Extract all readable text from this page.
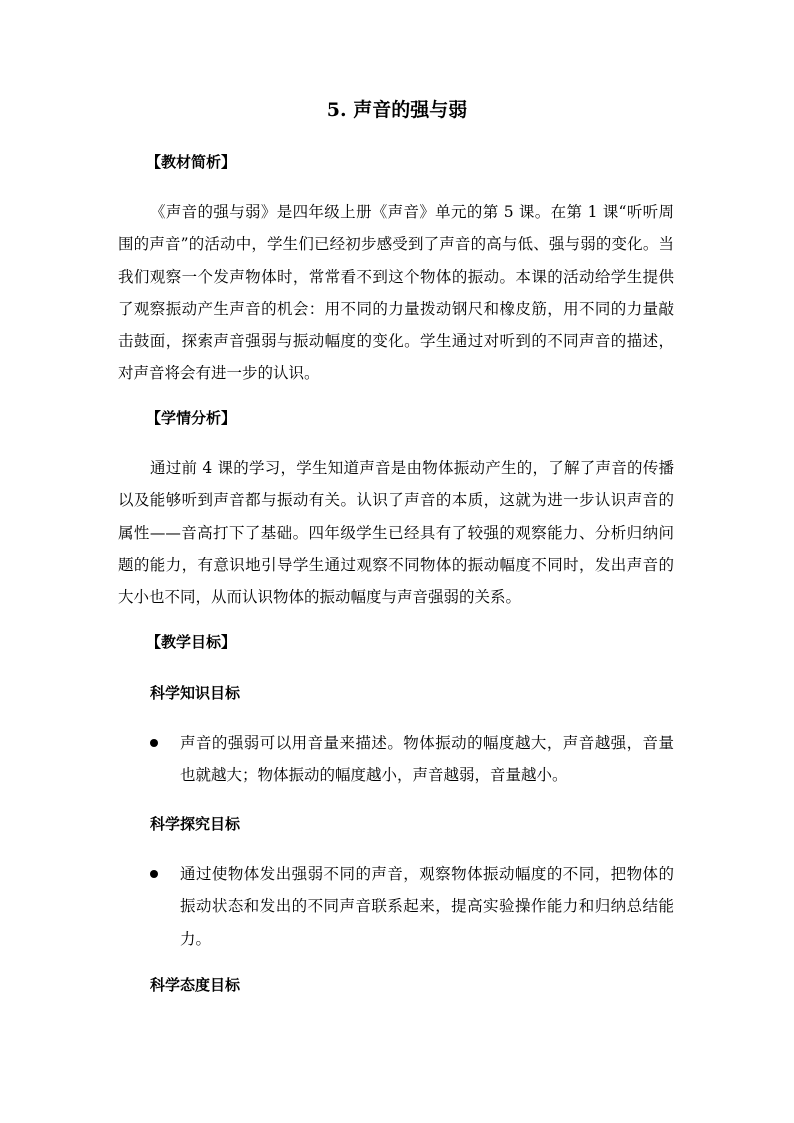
5. 声音的强与弱
【教材简析】

《声音的强与弱》是四年级上册《声音》单元的第 5 课。在第 1 课“听听周围的声音”的活动中，学生们已经初步感受到了声音的高与低、强与弱的变化。当我们观察一个发声物体时，常常看不到这个物体的振动。本课的活动给学生提供了观察振动产生声音的机会：用不同的力量拨动钢尺和橡皮筋，用不同的力量敲击鼓面，探索声音强弱与振动幅度的变化。学生通过对听到的不同声音的描述，对声音将会有进一步的认识。

【学情分析】

通过前 4 课的学习，学生知道声音是由物体振动产生的，了解了声音的传播以及能够听到声音都与振动有关。认识了声音的本质，这就为进一步认识声音的属性——音高打下了基础。四年级学生已经具有了较强的观察能力、分析归纳问题的能力，有意识地引导学生通过观察不同物体的振动幅度不同时，发出声音的大小也不同，从而认识物体的振动幅度与声音强弱的关系。

【教学目标】
科学知识目标

声音的强弱可以用音量来描述。物体振动的幅度越大，声音越强，音量也就越大；物体振动的幅度越小，声音越弱，音量越小。

科学探究目标

通过使物体发出强弱不同的声音，观察物体振动幅度的不同，把物体的振动状态和发出的不同声音联系起来，提高实验操作能力和归纳总结能力。

科学态度目标
